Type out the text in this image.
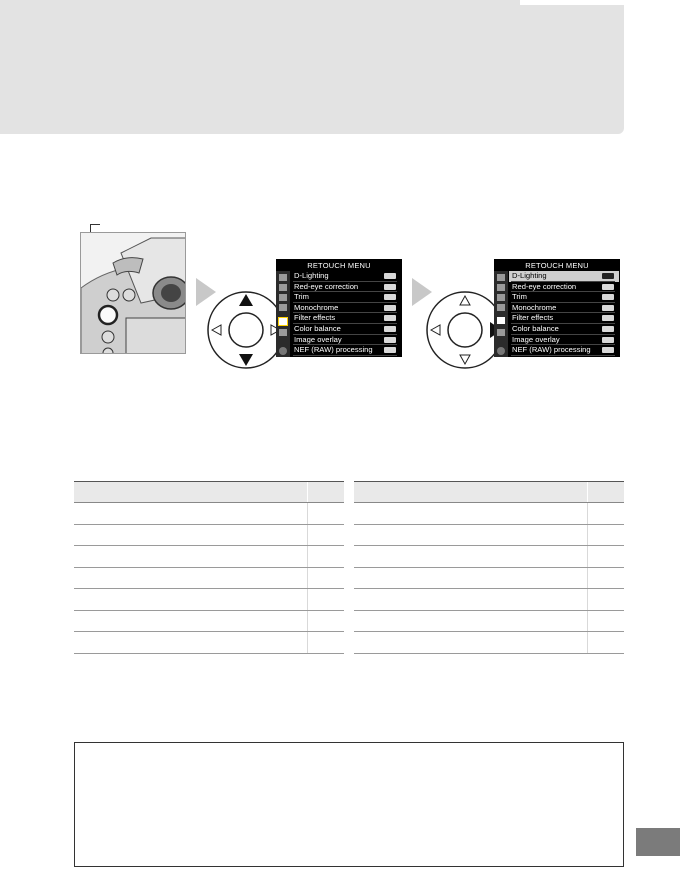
RETOUCH MENU
D-Lighting
Red-eye correction
Trim
Monochrome
Filter effects
Color balance
Image overlay
NEF (RAW) processing
RETOUCH MENU
D-Lighting
Red-eye correction
Trim
Monochrome
Filter effects
Color balance
Image overlay
NEF (RAW) processing
